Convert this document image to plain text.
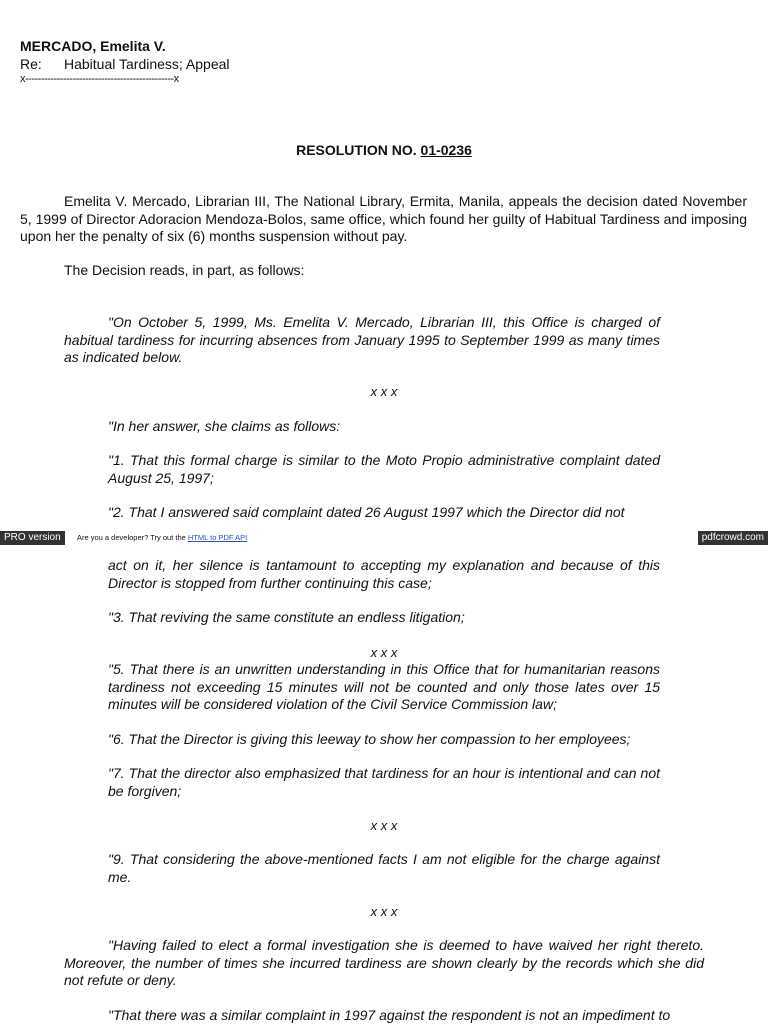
MERCADO, Emelita V.

Re: Habitual Tardiness; Appeal

x-----------------------------------------------x

RESOLUTION NO. 01-0236

Emelita V. Mercado, Librarian III, The National Library, Ermita, Manila, appeals the decision dated November 5, 1999 of Director Adoracion Mendoza-Bolos, same office, which found her guilty of Habitual Tardiness and imposing upon her the penalty of six (6) months suspension without pay.

The Decision reads, in part, as follows:

"On October 5, 1999, Ms. Emelita V. Mercado, Librarian III, this Office is charged of habitual tardiness for incurring absences from January 1995 to September 1999 as many times as indicated below.

x x x

"In her answer, she claims as follows:

"1. That this formal charge is similar to the Moto Propio administrative complaint dated August 25, 1997;

"2. That I answered said complaint dated 26 August 1997 which the Director did not

PRO version	Are you a developer? Try out the HTML to PDF API	pdfcrowd.com

act on it, her silence is tantamount to accepting my explanation and because of this Director is stopped from further continuing this case;

"3. That reviving the same constitute an endless litigation;

x x x

"5. That there is an unwritten understanding in this Office that for humanitarian reasons tardiness not exceeding 15 minutes will not be counted and only those lates over 15 minutes will be considered violation of the Civil Service Commission law;

"6. That the Director is giving this leeway to show her compassion to her employees;

"7. That the director also emphasized that tardiness for an hour is intentional and can not be forgiven;

x x x

"9. That considering the above-mentioned facts I am not eligible for the charge against me.

x x x

"Having failed to elect a formal investigation she is deemed to have waived her right thereto. Moreover, the number of times she incurred tardiness are shown clearly by the records which she did not refute or deny.

"That there was a similar complaint in 1997 against the respondent is not an impediment to
